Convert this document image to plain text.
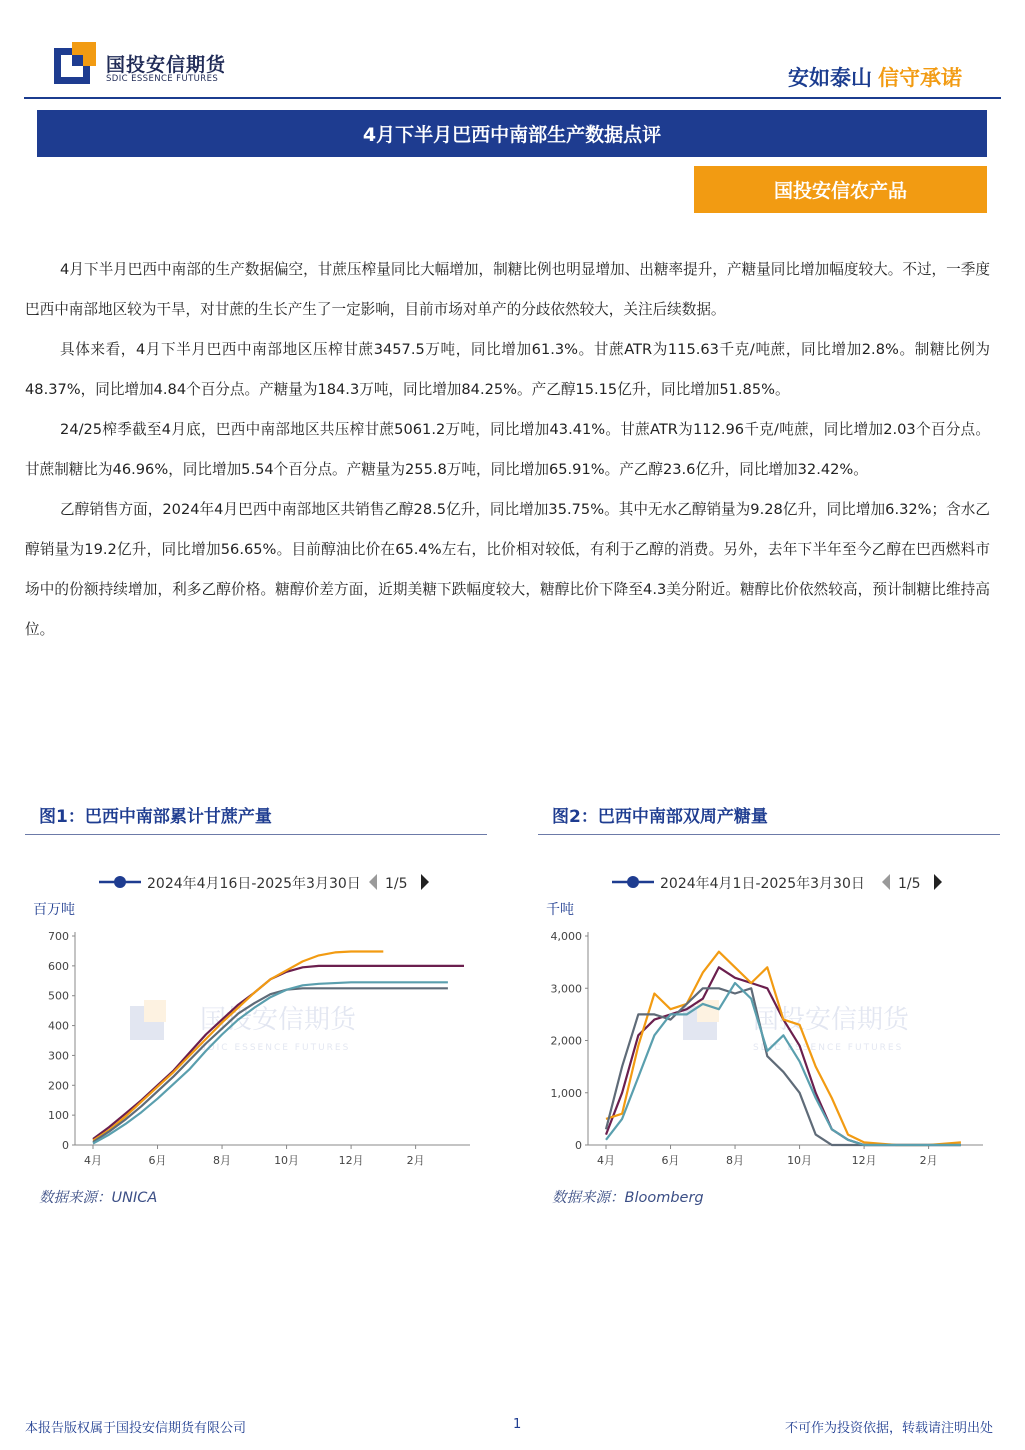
国投安信期货
SDIC ESSENCE FUTURES	安如泰山 信守承诺
4月下半月巴西中南部生产数据点评
国投安信农产品

4月下半月巴西中南部的生产数据偏空，甘蔗压榨量同比大幅增加，制糖比例也明显增加、出糖率提升，产糖量同比增加幅度较大。不过，一季度巴西中南部地区较为干旱，对甘蔗的生长产生了一定影响，目前市场对单产的分歧依然较大，关注后续数据。

具体来看，4月下半月巴西中南部地区压榨甘蔗3457.5万吨，同比增加61.3%。甘蔗ATR为115.63千克/吨蔗，同比增加2.8%。制糖比例为48.37%，同比增加4.84个百分点。产糖量为184.3万吨，同比增加84.25%。产乙醇15.15亿升，同比增加51.85%。

24/25榨季截至4月底，巴西中南部地区共压榨甘蔗5061.2万吨，同比增加43.41%。甘蔗ATR为112.96千克/吨蔗，同比增加2.03个百分点。甘蔗制糖比为46.96%，同比增加5.54个百分点。产糖量为255.8万吨，同比增加65.91%。产乙醇23.6亿升，同比增加32.42%。

乙醇销售方面，2024年4月巴西中南部地区共销售乙醇28.5亿升，同比增加35.75%。其中无水乙醇销量为9.28亿升，同比增加6.32%；含水乙醇销量为19.2亿升，同比增加56.65%。目前醇油比价在65.4%左右，比价相对较低，有利于乙醇的消费。另外，去年下半年至今乙醇在巴西燃料市场中的份额持续增加，利多乙醇价格。糖醇价差方面，近期美糖下跌幅度较大，糖醇比价下降至4.3美分附近。糖醇比价依然较高，预计制糖比维持高位。

图1：巴西中南部累计甘蔗产量
2024年4月16日-2025年3月30日 1/5
百万吨
0
100
200
300
400
500
600
700
4月	6月	8月	10月	12月	2月
国投安信期货
SDIC ESSENCE FUTURES
数据来源：UNICA
图2：巴西中南部双周产糖量
2024年4月1日-2025年3月30日 1/5
千吨
0
1,000
2,000
3,000
4,000
4月	6月	8月	10月	12月	2月
国投安信期货
SDIC ESSENCE FUTURES
数据来源：Bloomberg
本报告版权属于国投安信期货有限公司	1	不可作为投资依据，转载请注明出处
